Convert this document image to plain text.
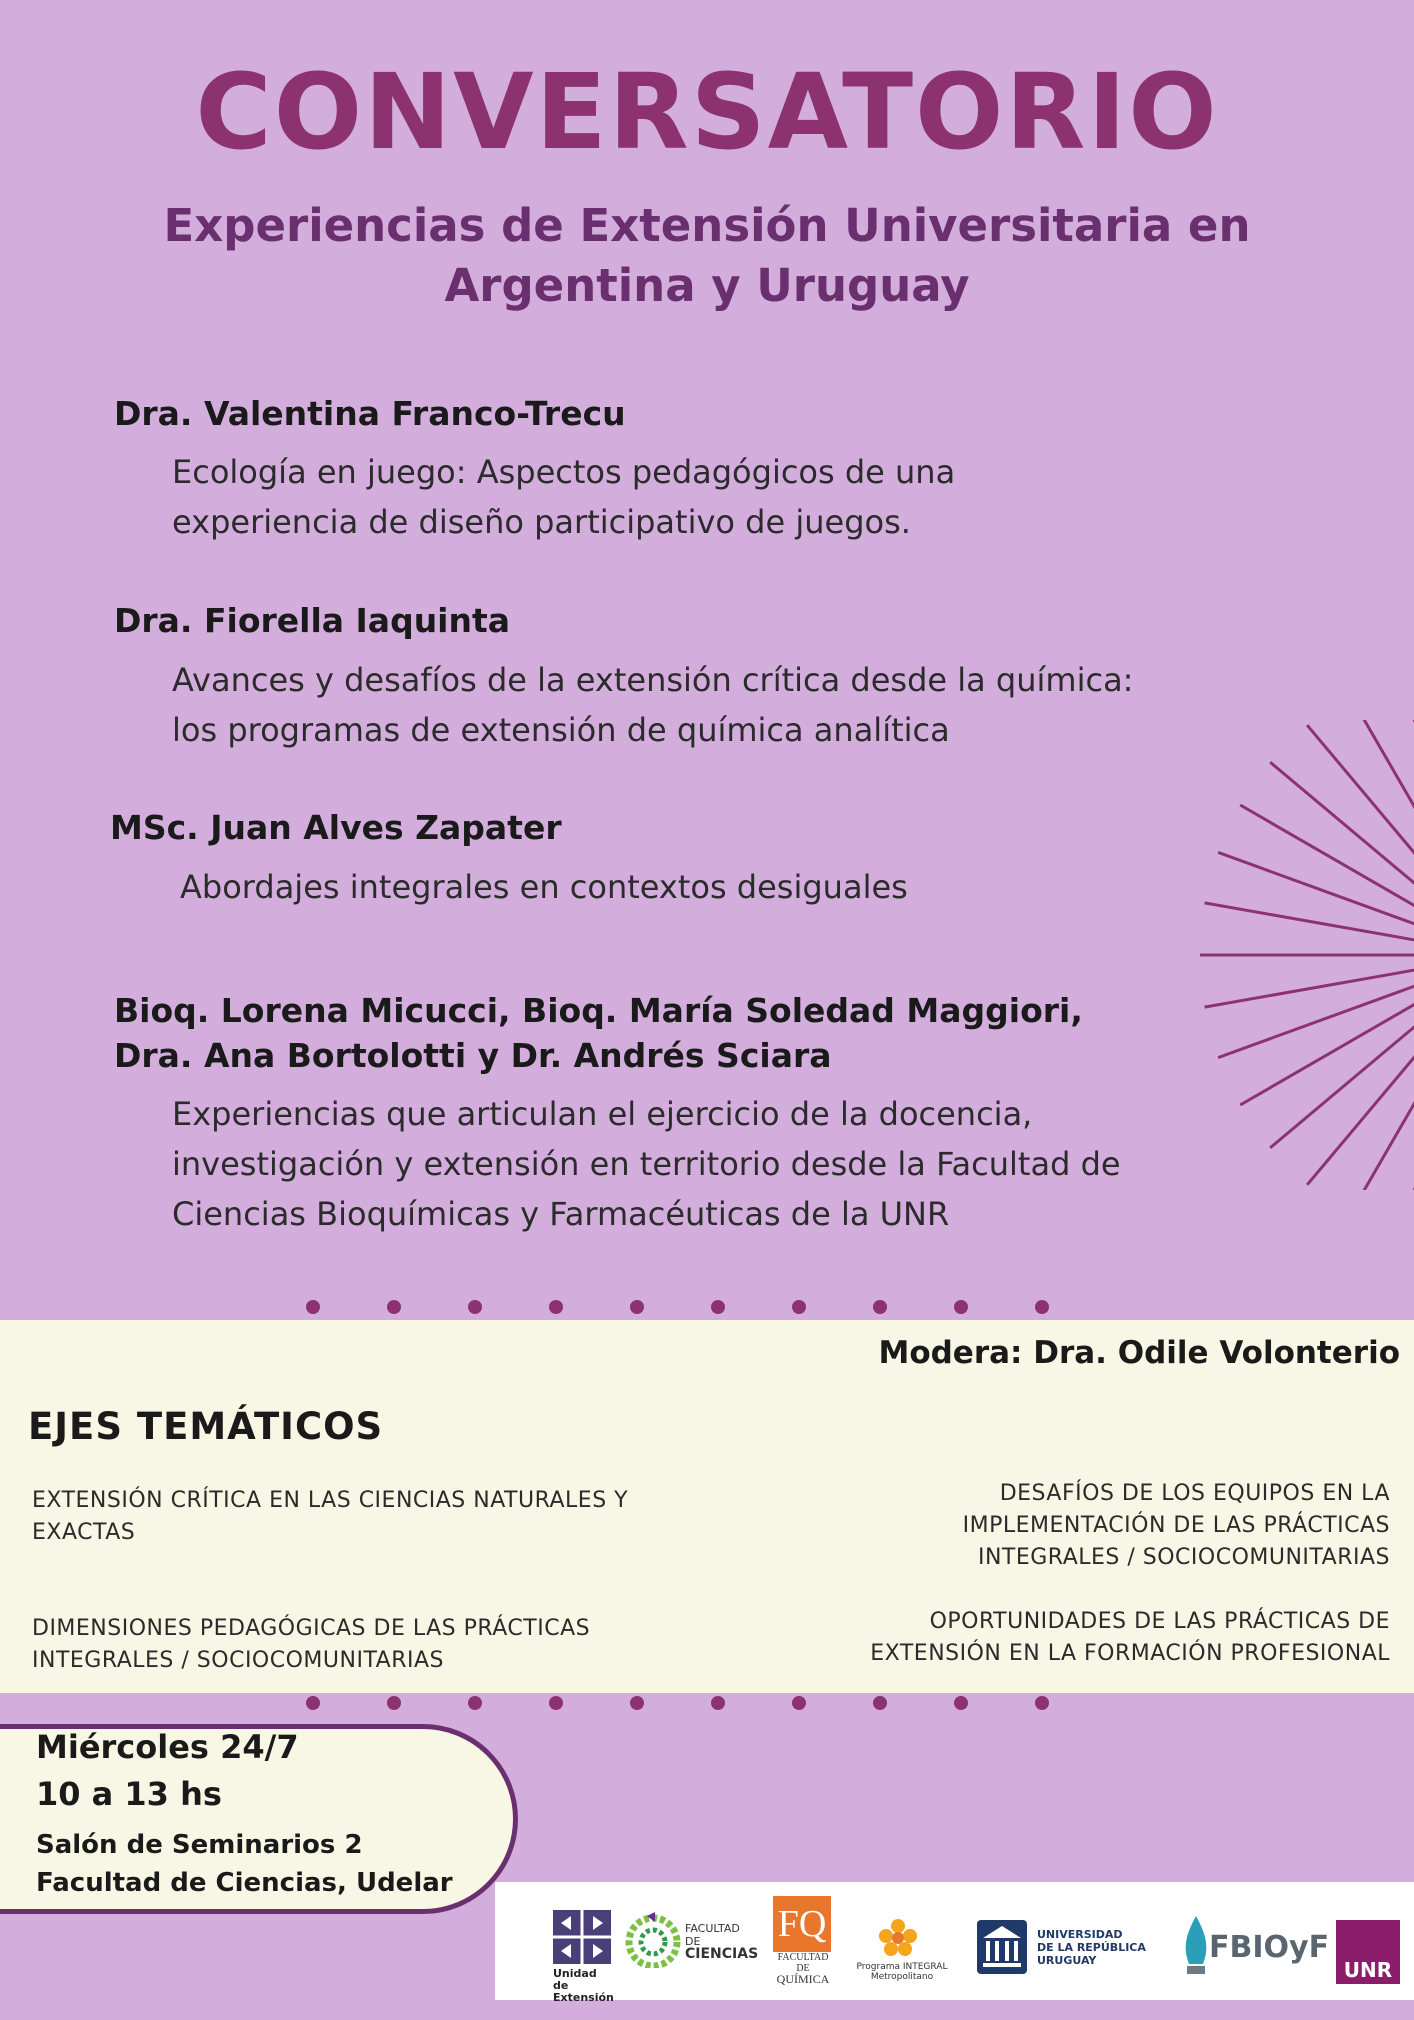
CONVERSATORIO
Experiencias de Extensión Universitaria en
Argentina y Uruguay
Dra. Valentina Franco-Trecu
Ecología en juego: Aspectos pedagógicos de una
experiencia de diseño participativo de juegos.
Dra. Fiorella Iaquinta
Avances y desafíos de la extensión crítica desde la química:
los programas de extensión de química analítica
MSc. Juan Alves Zapater
Abordajes integrales en contextos desiguales
Bioq. Lorena Micucci, Bioq. María Soledad Maggiori,
Dra. Ana Bortolotti y Dr. Andrés Sciara
Experiencias que articulan el ejercicio de la docencia,
investigación y extensión en territorio desde la Facultad de
Ciencias Bioquímicas y Farmacéuticas de la UNR
Modera: Dra. Odile Volonterio
EJES TEMÁTICOS
EXTENSIÓN CRÍTICA EN LAS CIENCIAS NATURALES Y
EXACTAS
DIMENSIONES PEDAGÓGICAS DE LAS PRÁCTICAS
INTEGRALES / SOCIOCOMUNITARIAS
DESAFÍOS DE LOS EQUIPOS EN LA
IMPLEMENTACIÓN DE LAS PRÁCTICAS
INTEGRALES / SOCIOCOMUNITARIAS
OPORTUNIDADES DE LAS PRÁCTICAS DE
EXTENSIÓN EN LA FORMACIÓN PROFESIONAL
Miércoles 24/7
10 a 13 hs
Salón de Seminarios 2
Facultad de Ciencias, Udelar
Unidad de
Extensión
FACULTAD DE
CIENCIAS
FQ
FACULTAD DE
QUÍMICA
Programa INTEGRAL Metropolitano
UNIVERSIDAD
DE LA REPÚBLICA
URUGUAY	FBIOyF
UNR
